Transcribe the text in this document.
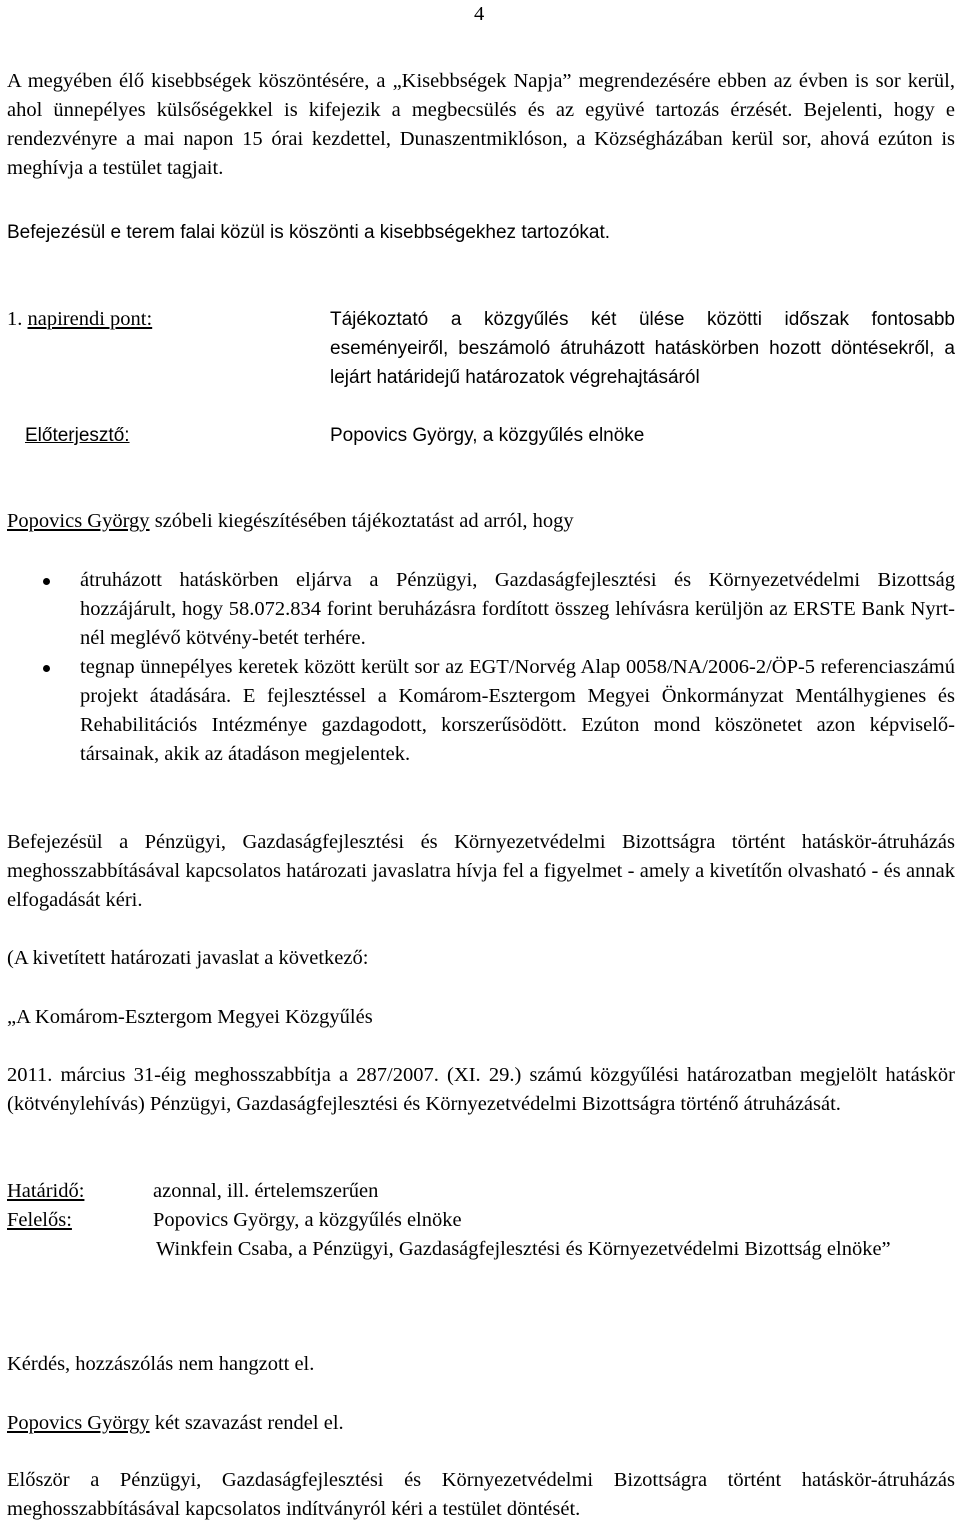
4

A megyében élő kisebbségek köszöntésére, a „Kisebbségek Napja” megrendezésére ebben az évben is sor kerül, ahol ünnepélyes külsőségekkel is kifejezik a megbecsülés és az együvé tartozás érzését. Bejelenti, hogy e rendezvényre a mai napon 15 órai kezdettel, Dunaszentmiklóson, a Községházában kerül sor, ahová ezúton is meghívja a testület tagjait.

Befejezésül e terem falai közül is köszönti a kisebbségekhez tartozókat.

1. napirendi pont:	Tájékoztató a közgyűlés két ülése közötti időszak fontosabb eseményeiről, beszámoló átruházott hatáskörben hozott döntésekről, a lejárt határidejű határozatok végrehajtásáról

Előterjesztő:	Popovics György, a közgyűlés elnöke

Popovics György szóbeli kiegészítésében tájékoztatást ad arról, hogy

átruházott hatáskörben eljárva a Pénzügyi, Gazdaságfejlesztési és Környezetvédelmi Bizottság hozzájárult, hogy 58.072.834 forint beruházásra fordított összeg lehívásra kerüljön az ERSTE Bank Nyrt-nél meglévő kötvény-betét terhére.
tegnap ünnepélyes keretek között került sor az EGT/Norvég Alap 0058/NA/2006-2/ÖP-5 referenciaszámú projekt átadására. E fejlesztéssel a Komárom-Esztergom Megyei Önkormányzat Mentálhygienes és Rehabilitációs Intézménye gazdagodott, korszerűsödött. Ezúton mond köszönetet azon képviselő-társainak, akik az átadáson megjelentek.

Befejezésül a Pénzügyi, Gazdaságfejlesztési és Környezetvédelmi Bizottságra történt hatáskör-átruházás meghosszabbításával kapcsolatos határozati javaslatra hívja fel a figyelmet - amely a kivetítőn olvasható - és annak elfogadását kéri.

(A kivetített határozati javaslat a következő:

„A Komárom-Esztergom Megyei Közgyűlés

2011. március 31-éig meghosszabbítja a 287/2007. (XI. 29.) számú közgyűlési határozatban megjelölt hatáskör (kötvénylehívás) Pénzügyi, Gazdaságfejlesztési és Környezetvédelmi Bizottságra történő átruházását.

Határidő:	azonnal, ill. értelemszerűen
Felelős:	Popovics György, a közgyűlés elnöke
Winkfein Csaba, a Pénzügyi, Gazdaságfejlesztési és Környezetvédelmi Bizottság elnöke”

Kérdés, hozzászólás nem hangzott el.

Popovics György két szavazást rendel el.

Először a Pénzügyi, Gazdaságfejlesztési és Környezetvédelmi Bizottságra történt hatáskör-átruházás meghosszabbításával kapcsolatos indítványról kéri a testület döntését.
